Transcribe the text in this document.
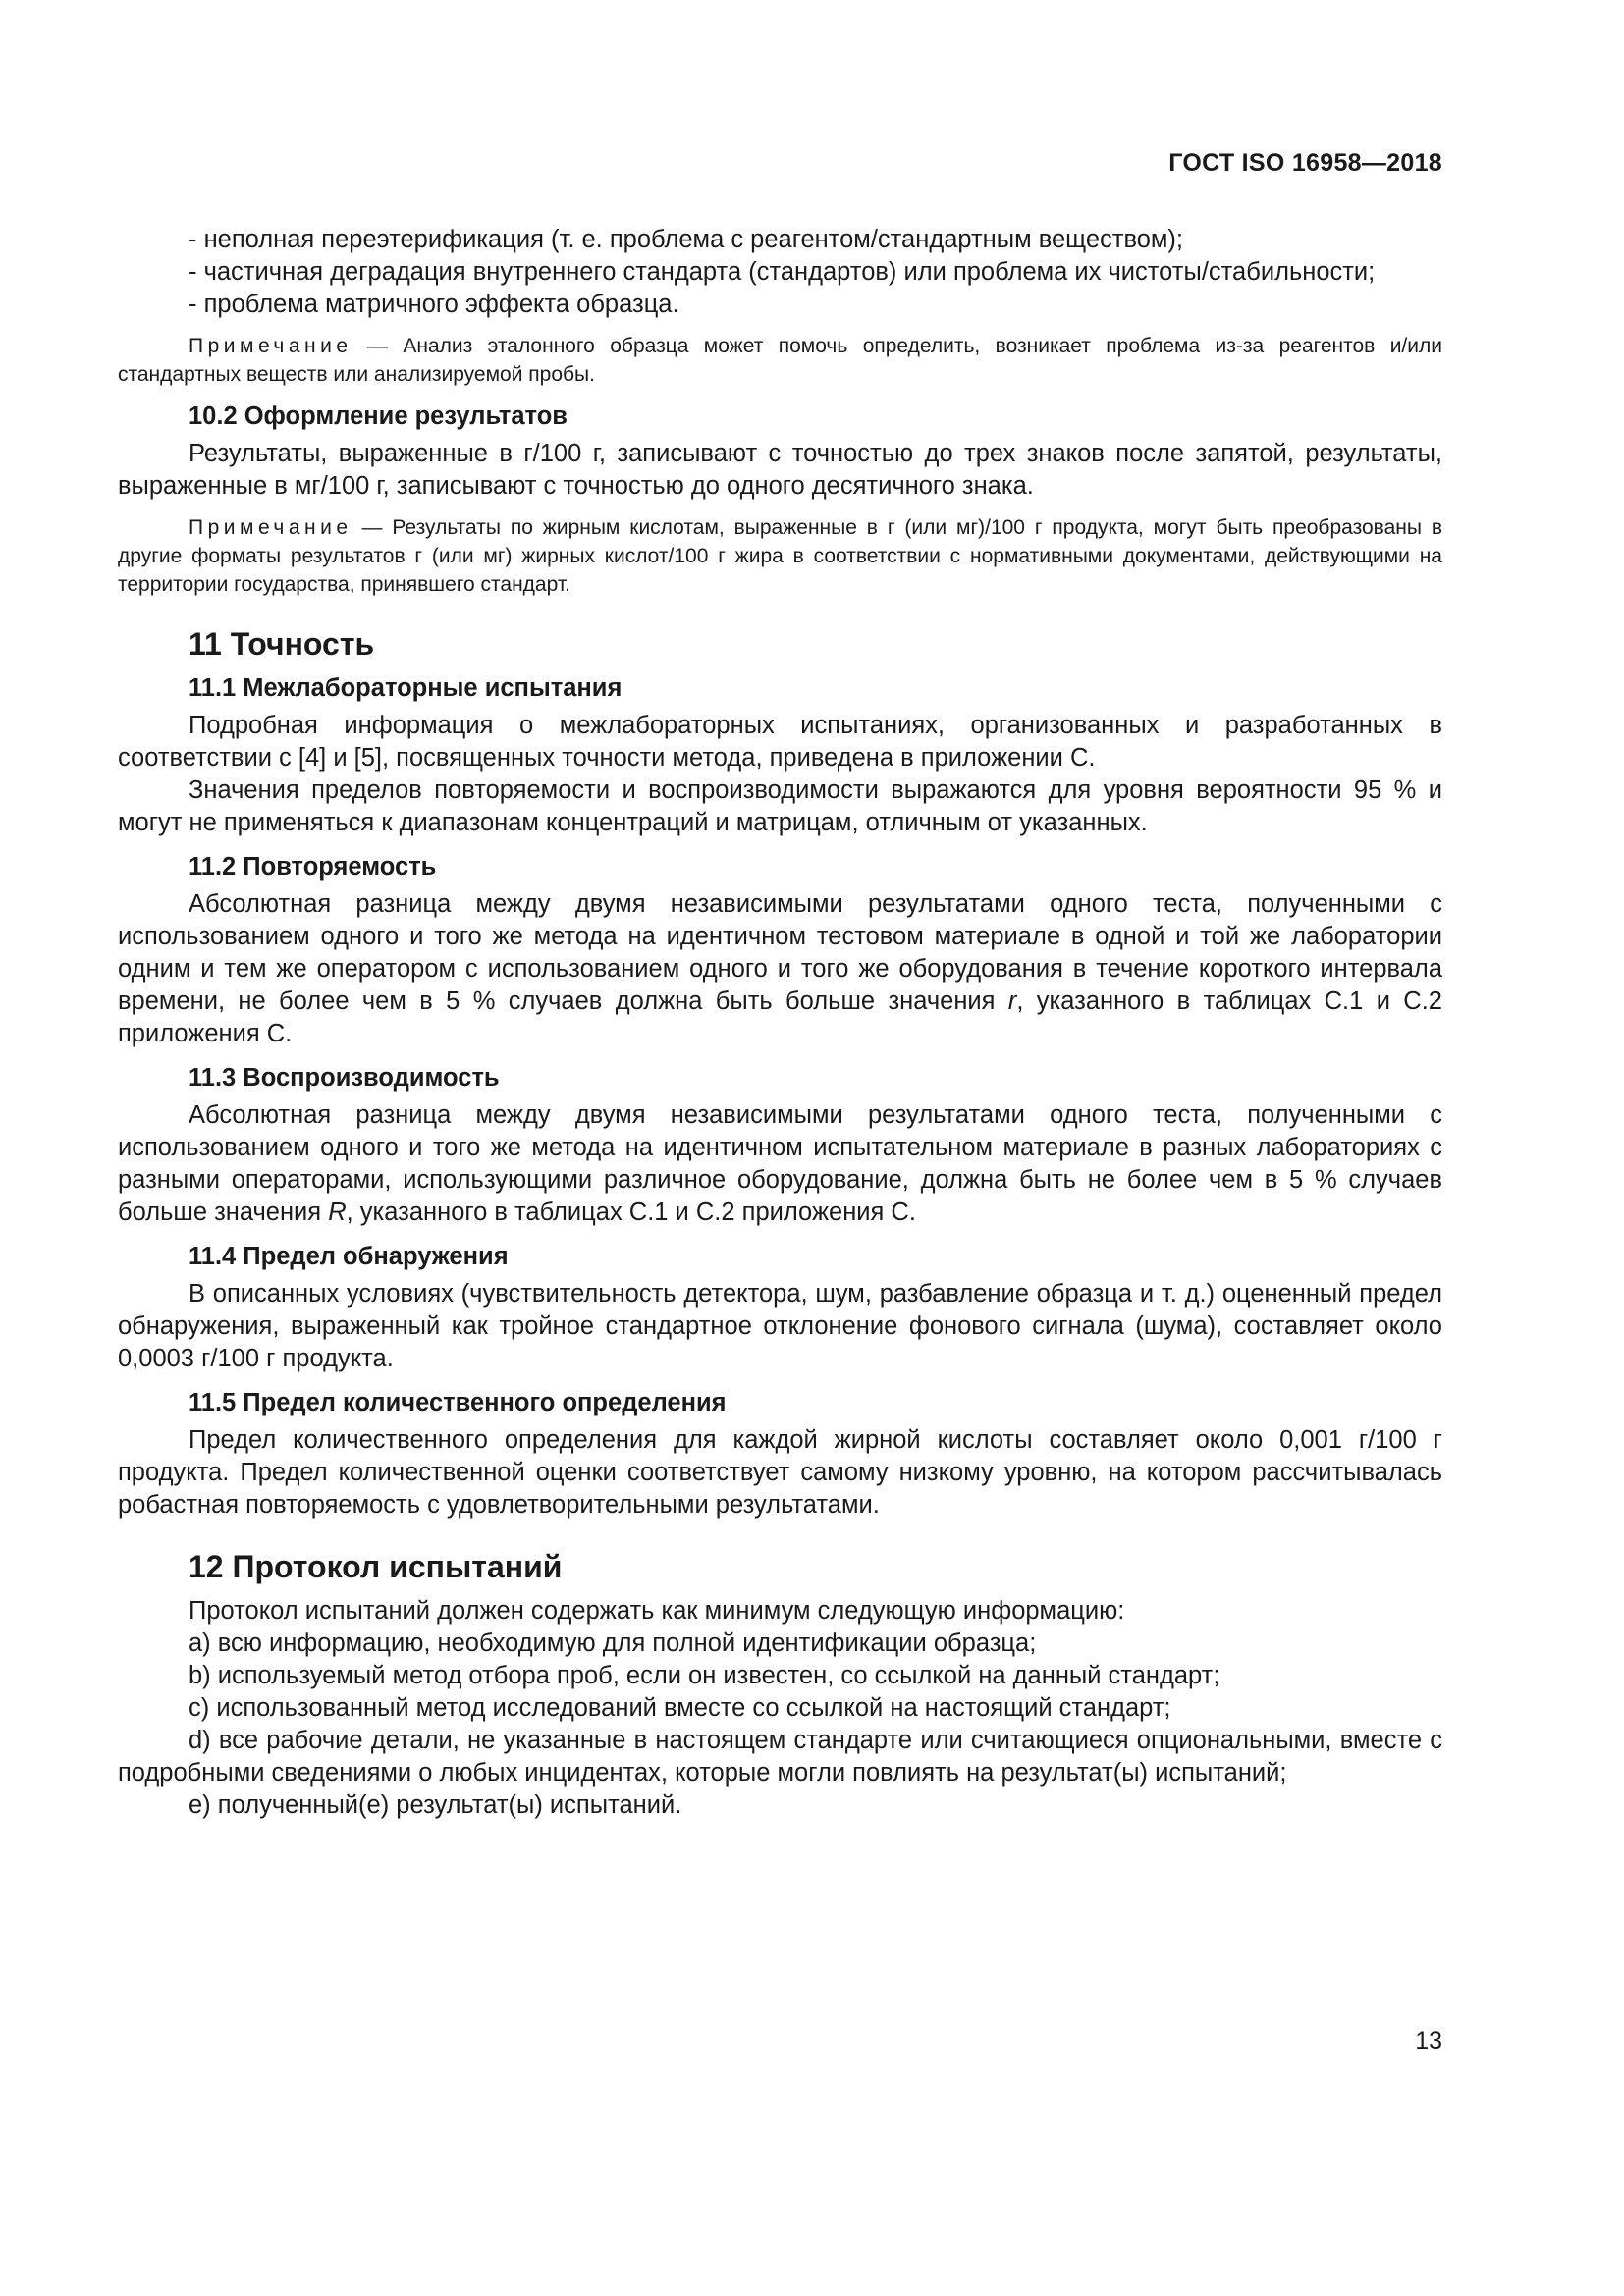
ГОСТ ISO 16958—2018

- неполная переэтерификация (т. е. проблема с реагентом/стандартным веществом);

- частичная деградация внутреннего стандарта (стандартов) или проблема их чистоты/стабильности;

- проблема матричного эффекта образца.

Примечание — Анализ эталонного образца может помочь определить, возникает проблема из-за реагентов и/или стандартных веществ или анализируемой пробы.

10.2 Оформление результатов

Результаты, выраженные в г/100 г, записывают с точностью до трех знаков после запятой, результаты, выраженные в мг/100 г, записывают с точностью до одного десятичного знака.

Примечание — Результаты по жирным кислотам, выраженные в г (или мг)/100 г продукта, могут быть преобразованы в другие форматы результатов г (или мг) жирных кислот/100 г жира в соответствии с нормативными документами, действующими на территории государства, принявшего стандарт.

11 Точность

11.1 Межлабораторные испытания

Подробная информация о межлабораторных испытаниях, организованных и разработанных в соответствии с [4] и [5], посвященных точности метода, приведена в приложении С.

Значения пределов повторяемости и воспроизводимости выражаются для уровня вероятности 95 % и могут не применяться к диапазонам концентраций и матрицам, отличным от указанных.

11.2 Повторяемость

Абсолютная разница между двумя независимыми результатами одного теста, полученными с использованием одного и того же метода на идентичном тестовом материале в одной и той же лаборатории одним и тем же оператором с использованием одного и того же оборудования в течение короткого интервала времени, не более чем в 5 % случаев должна быть больше значения r, указанного в таблицах С.1 и С.2 приложения С.

11.3 Воспроизводимость

Абсолютная разница между двумя независимыми результатами одного теста, полученными с использованием одного и того же метода на идентичном испытательном материале в разных лабораториях с разными операторами, использующими различное оборудование, должна быть не более чем в 5 % случаев больше значения R, указанного в таблицах С.1 и С.2 приложения С.

11.4 Предел обнаружения

В описанных условиях (чувствительность детектора, шум, разбавление образца и т. д.) оцененный предел обнаружения, выраженный как тройное стандартное отклонение фонового сигнала (шума), составляет около 0,0003 г/100 г продукта.

11.5 Предел количественного определения

Предел количественного определения для каждой жирной кислоты составляет около 0,001 г/100 г продукта. Предел количественной оценки соответствует самому низкому уровню, на котором рассчитывалась робастная повторяемость с удовлетворительными результатами.

12 Протокол испытаний

Протокол испытаний должен содержать как минимум следующую информацию:

а) всю информацию, необходимую для полной идентификации образца;

b) используемый метод отбора проб, если он известен, со ссылкой на данный стандарт;

с) использованный метод исследований вместе со ссылкой на настоящий стандарт;

d) все рабочие детали, не указанные в настоящем стандарте или считающиеся опциональными, вместе с подробными сведениями о любых инцидентах, которые могли повлиять на результат(ы) испытаний;

е) полученный(е) результат(ы) испытаний.

13
